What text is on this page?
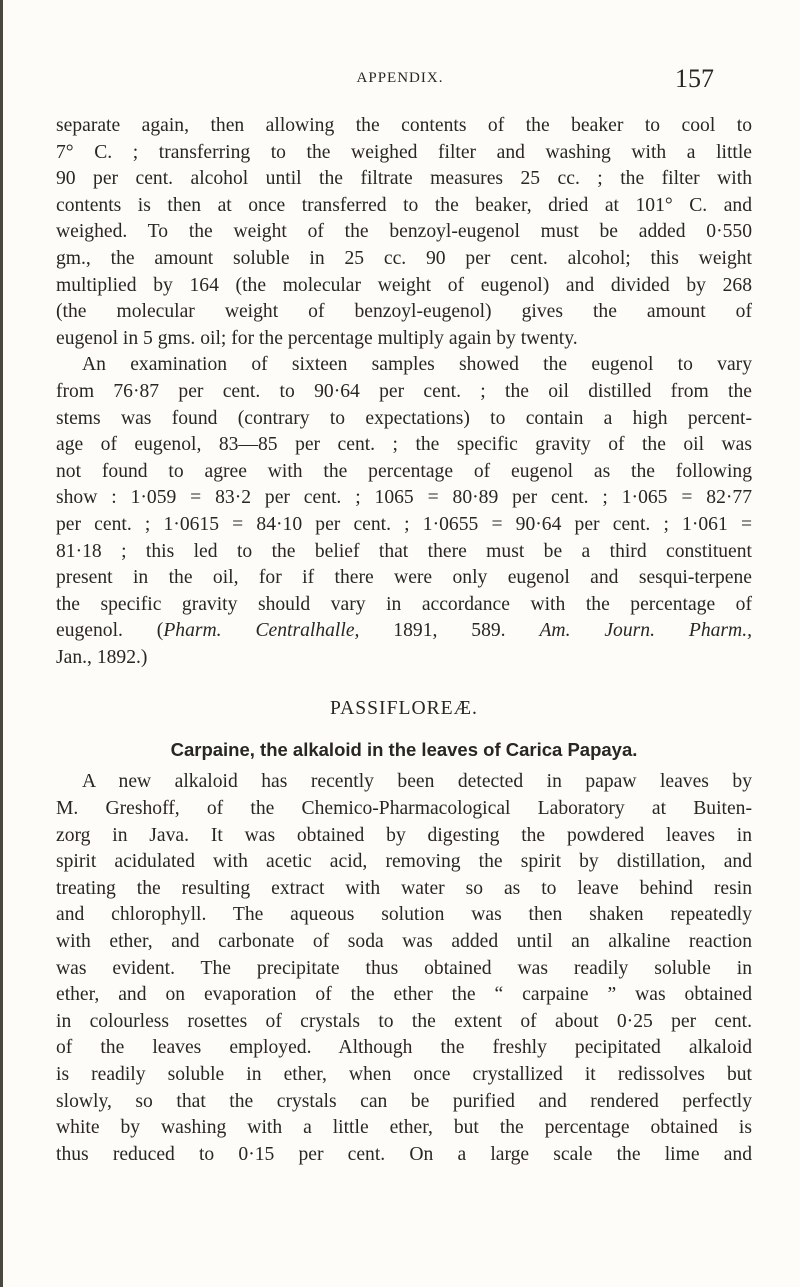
APPENDIX.	157
separate again, then allowing the contents of the beaker to cool to
7° C. ; transferring to the weighed filter and washing with a little
90 per cent. alcohol until the filtrate measures 25 cc. ; the filter with
contents is then at once transferred to the beaker, dried at 101° C. and
weighed. To the weight of the benzoyl-eugenol must be added 0·550
gm., the amount soluble in 25 cc. 90 per cent. alcohol; this weight
multiplied by 164 (the molecular weight of eugenol) and divided by 268
(the molecular weight of benzoyl-eugenol) gives the amount of
eugenol in 5 gms. oil; for the percentage multiply again by twenty.
An examination of sixteen samples showed the eugenol to vary
from 76·87 per cent. to 90·64 per cent. ; the oil distilled from the
stems was found (contrary to expectations) to contain a high percent-
age of eugenol, 83—85 per cent. ; the specific gravity of the oil was
not found to agree with the percentage of eugenol as the following
show : 1·059 = 83·2 per cent. ; 1065 = 80·89 per cent. ; 1·065 = 82·77
per cent. ; 1·0615 = 84·10 per cent. ; 1·0655 = 90·64 per cent. ; 1·061 =
81·18 ; this led to the belief that there must be a third constituent
present in the oil, for if there were only eugenol and sesqui-terpene
the specific gravity should vary in accordance with the percentage of
eugenol. (Pharm. Centralhalle, 1891, 589. Am. Journ. Pharm.,
Jan., 1892.)
PASSIFLOREÆ.
Carpaine, the alkaloid in the leaves of Carica Papaya.
A new alkaloid has recently been detected in papaw leaves by
M. Greshoff, of the Chemico-Pharmacological Laboratory at Buiten-
zorg in Java. It was obtained by digesting the powdered leaves in
spirit acidulated with acetic acid, removing the spirit by distillation, and
treating the resulting extract with water so as to leave behind resin
and chlorophyll. The aqueous solution was then shaken repeatedly
with ether, and carbonate of soda was added until an alkaline reaction
was evident. The precipitate thus obtained was readily soluble in
ether, and on evaporation of the ether the “ carpaine ” was obtained
in colourless rosettes of crystals to the extent of about 0·25 per cent.
of the leaves employed. Although the freshly pecipitated alkaloid
is readily soluble in ether, when once crystallized it redissolves but
slowly, so that the crystals can be purified and rendered perfectly
white by washing with a little ether, but the percentage obtained is
thus reduced to 0·15 per cent. On a large scale the lime and
